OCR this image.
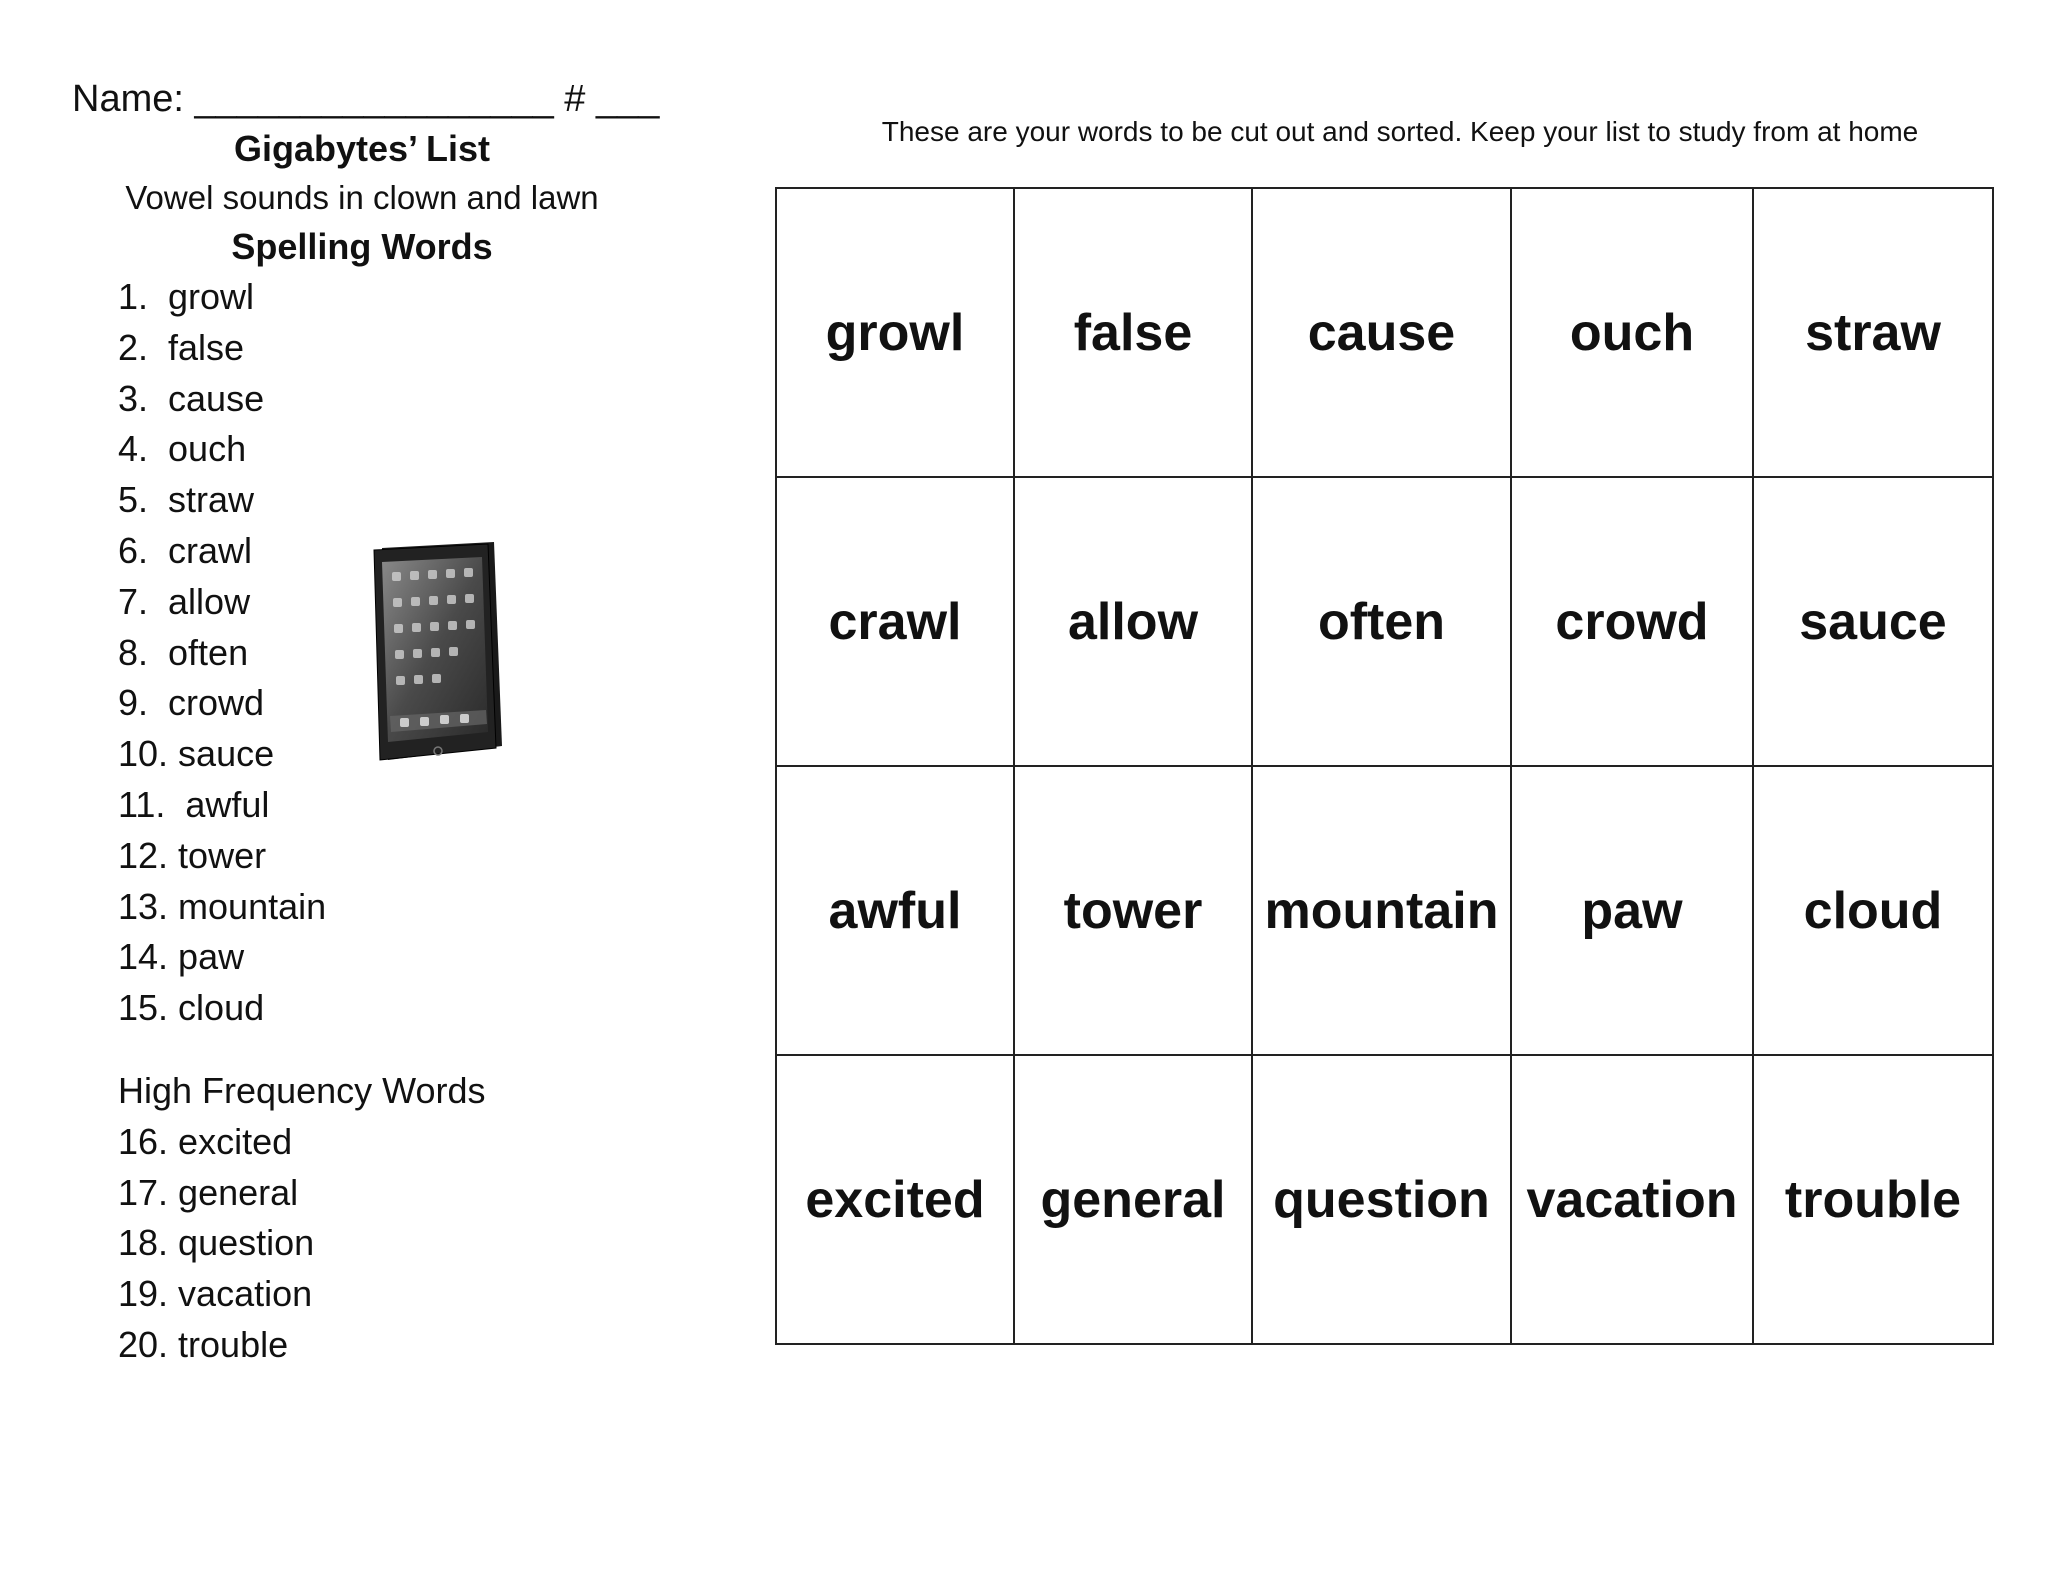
Name: _________________ # ___
Gigabytes’ List
Vowel sounds in clown and lawn
Spelling Words
1.  growl
2.  false
3.  cause
4.  ouch
5.  straw
6.  crawl
7.  allow
8.  often
9.  crowd
10. sauce
11.  awful
12. tower
13. mountain
14. paw
15. cloud
High Frequency Words
16. excited
17. general
18. question
19. vacation
20. trouble
These are your words to be cut out and sorted. Keep your list to study from at home
growl	false	cause	ouch	straw
crawl	allow	often	crowd	sauce
awful	tower	mountain	paw	cloud
excited	general	question	vacation	trouble
